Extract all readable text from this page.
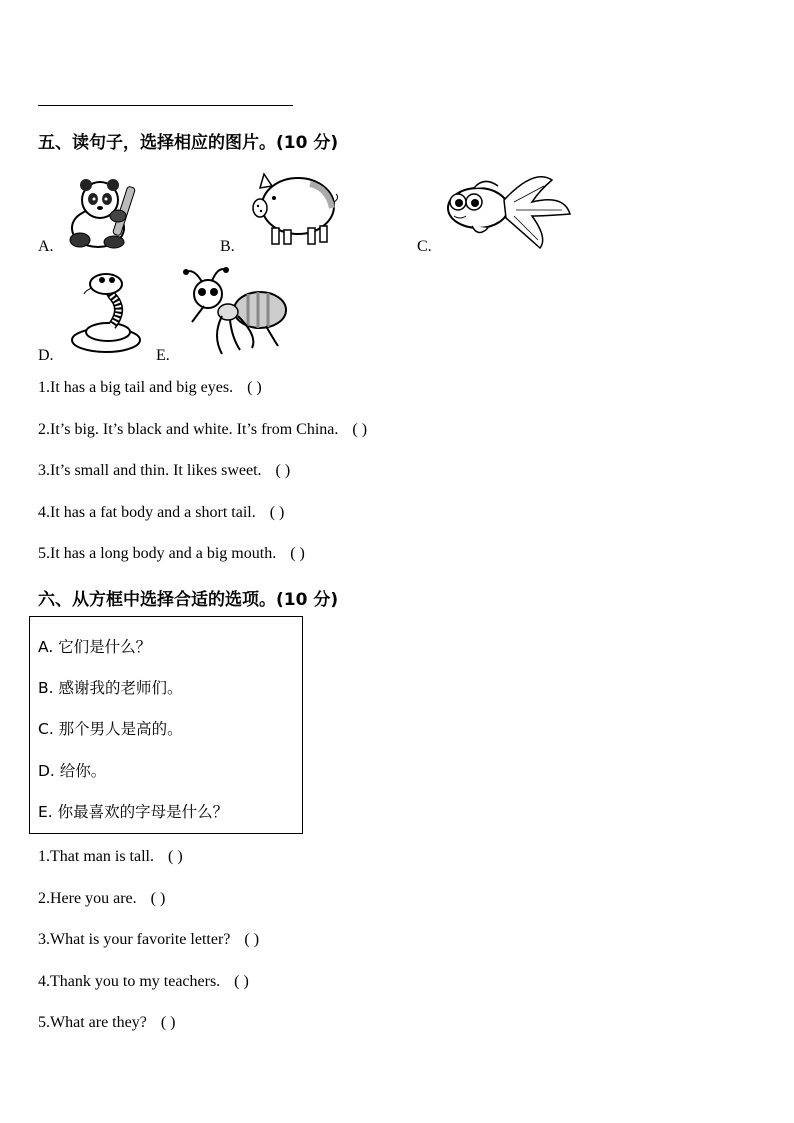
五、读句子，选择相应的图片。(10 分)
A.	B.	C.
D.	E.
1.It has a big tail and big eyes. ( )
2.It’s big. It’s black and white. It’s from China. ( )
3.It’s small and thin. It likes sweet. ( )
4.It has a fat body and a short tail. ( )
5.It has a long body and a big mouth. ( )
六、从方框中选择合适的选项。(10 分)
A. 它们是什么？
B. 感谢我的老师们。
C. 那个男人是高的。
D. 给你。
E. 你最喜欢的字母是什么？
1.That man is tall. ( )
2.Here you are. ( )
3.What is your favorite letter? ( )
4.Thank you to my teachers. ( )
5.What are they? ( )
